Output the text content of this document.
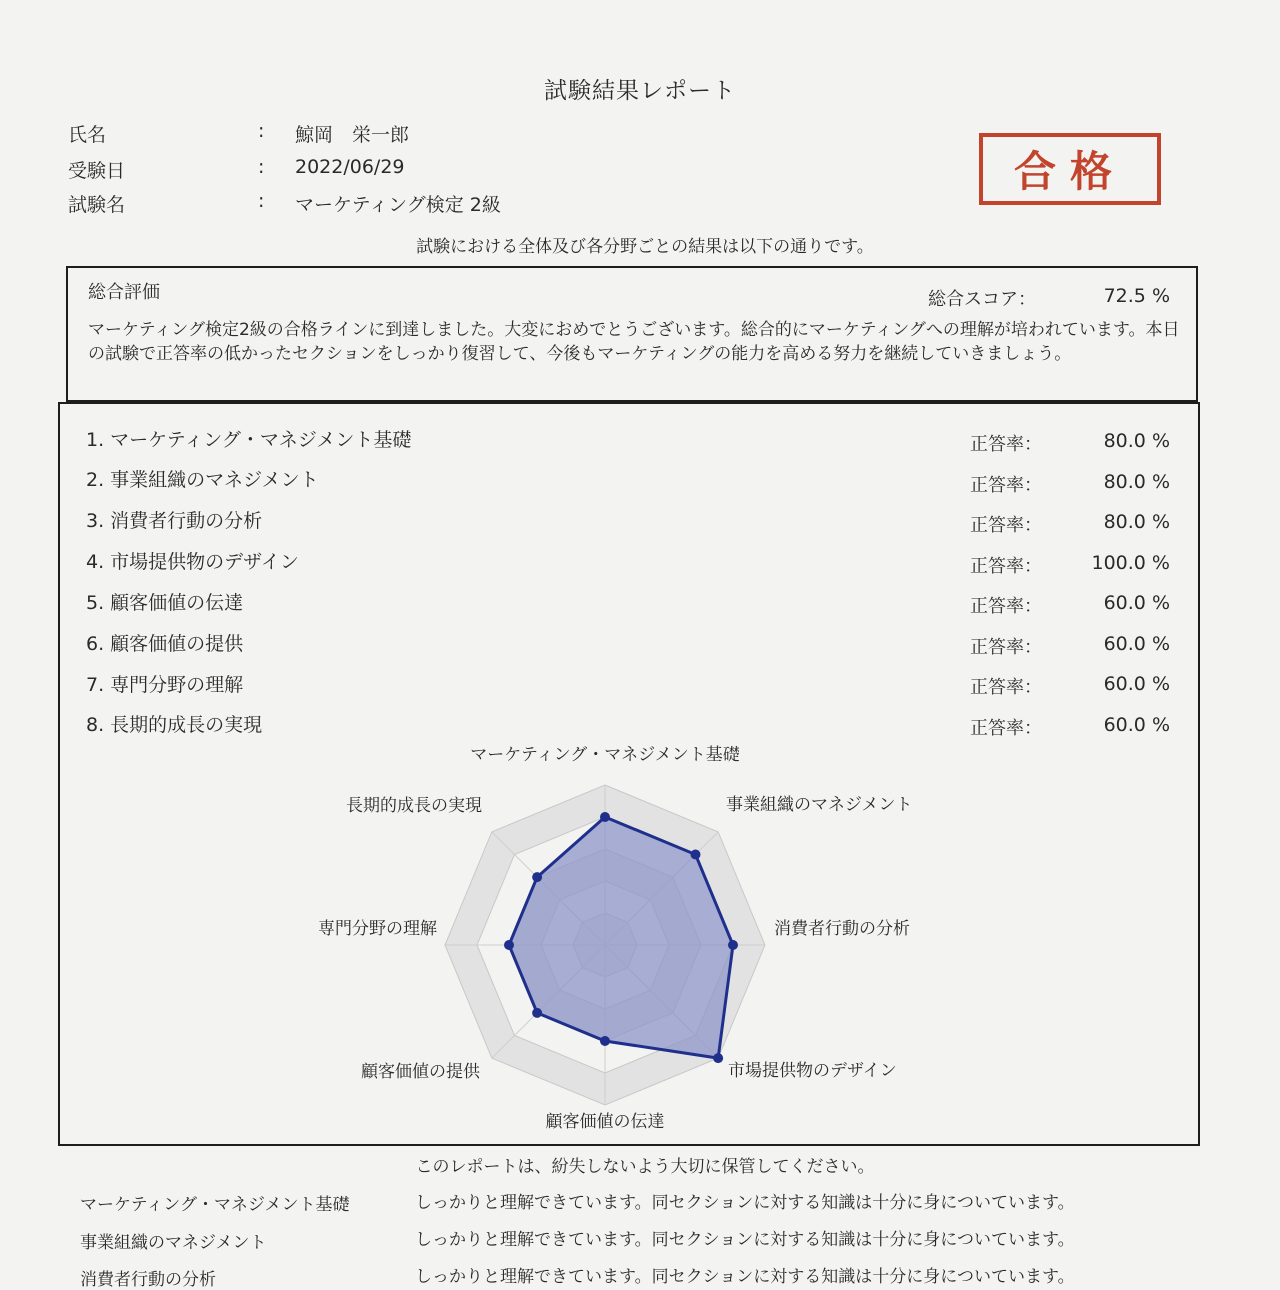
試験結果レポート
氏名	: 鯨岡　栄一郎
受験日	: 2022/06/29
試験名	: マーケティング検定 2級
合格
試験における全体及び各分野ごとの結果は以下の通りです。
総合評価	総合スコア：	72.5 %
マーケティング検定2級の合格ラインに到達しました。大変におめでとうございます。総合的にマーケティングへの理解が培われています。本日の試験で正答率の低かったセクションをしっかり復習して、今後もマーケティングの能力を高める努力を継続していきましょう。
1. マーケティング・マネジメント基礎	正答率：	80.0 %
2. 事業組織のマネジメント	正答率：	80.0 %
3. 消費者行動の分析	正答率：	80.0 %
4. 市場提供物のデザイン	正答率：	100.0 %
5. 顧客価値の伝達	正答率：	60.0 %
6. 顧客価値の提供	正答率：	60.0 %
7. 専門分野の理解	正答率：	60.0 %
8. 長期的成長の実現	正答率：	60.0 %
マーケティング・マネジメント基礎
事業組織のマネジメント
消費者行動の分析
市場提供物のデザイン
顧客価値の伝達
顧客価値の提供
専門分野の理解
長期的成長の実現
このレポートは、紛失しないよう大切に保管してください。
マーケティング・マネジメント基礎	しっかりと理解できています。同セクションに対する知識は十分に身についています。
事業組織のマネジメント	しっかりと理解できています。同セクションに対する知識は十分に身についています。
消費者行動の分析	しっかりと理解できています。同セクションに対する知識は十分に身についています。
